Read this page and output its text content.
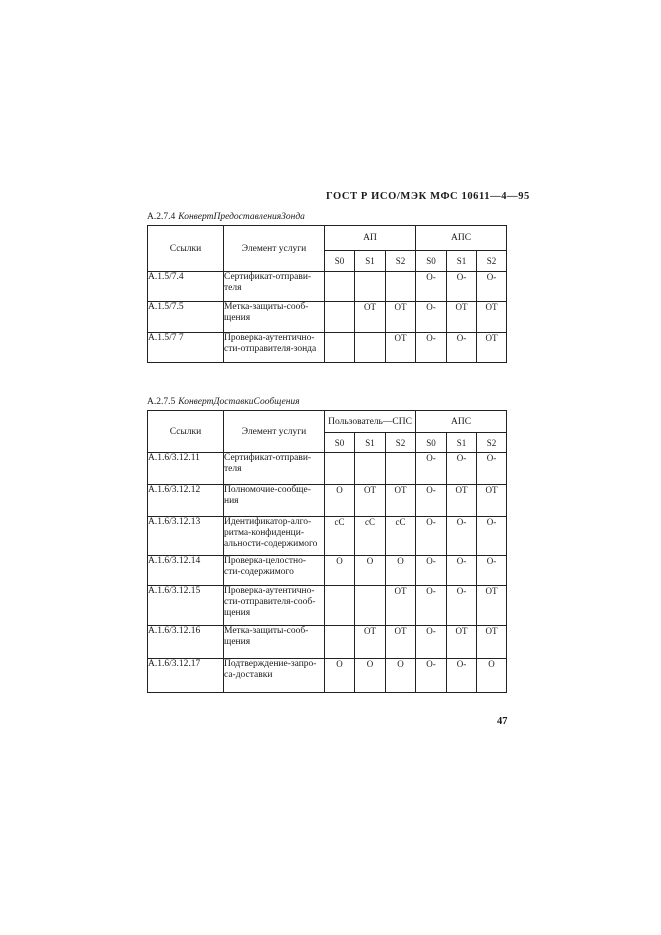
ГОСТ Р ИСО/МЭК МФС 10611—4—95
А.2.7.4 КонвертПредоставленияЗонда
Ссылки	Элемент услуги	АП			АПС		
		S0	S1	S2	S0	S1	S2
А.1.5/7.4	Сертификат-отправи-
теля				О-	О-	О-
А.1.5/7.5	Метка-защиты-сооб-
щения		ОТ	ОТ	О-	ОТ	ОТ
А.1.5/7 7	Проверка-аутентично-
сти-отправителя-зонда			ОТ	О-	О-	ОТ
А.2.7.5 КонвертДоставкиСообщения
Ссылки	Элемент услуги	Пользователь—СПС			АПС		
		S0	S1	S2	S0	S1	S2
А.1.6/3.12.11	Сертификат-отправи-
теля				О-	О-	О-
А.1.6/3.12.12	Полномочие-сообще-
ния	О	ОТ	ОТ	О-	ОТ	ОТ
А.1.6/3.12.13	Идентификатор-алго-
ритма-конфиденци-
альности-содержимого	сС	сС	сС	О-	О-	О-
А.1.6/3.12.14	Проверка-целостно-
сти-содержимого	О	О	О	О-	О-	О-
А.1.6/3.12.15	Проверка-аутентично-
сти-отправителя-сооб-
щения			ОТ	О-	О-	ОТ
А.1.6/3.12.16	Метка-защиты-сооб-
щения		ОТ	ОТ	О-	ОТ	ОТ
А.1.6/3.12.17	Подтверждение-запро-
са-доставки	О	О	О	О-	О-	О
47
